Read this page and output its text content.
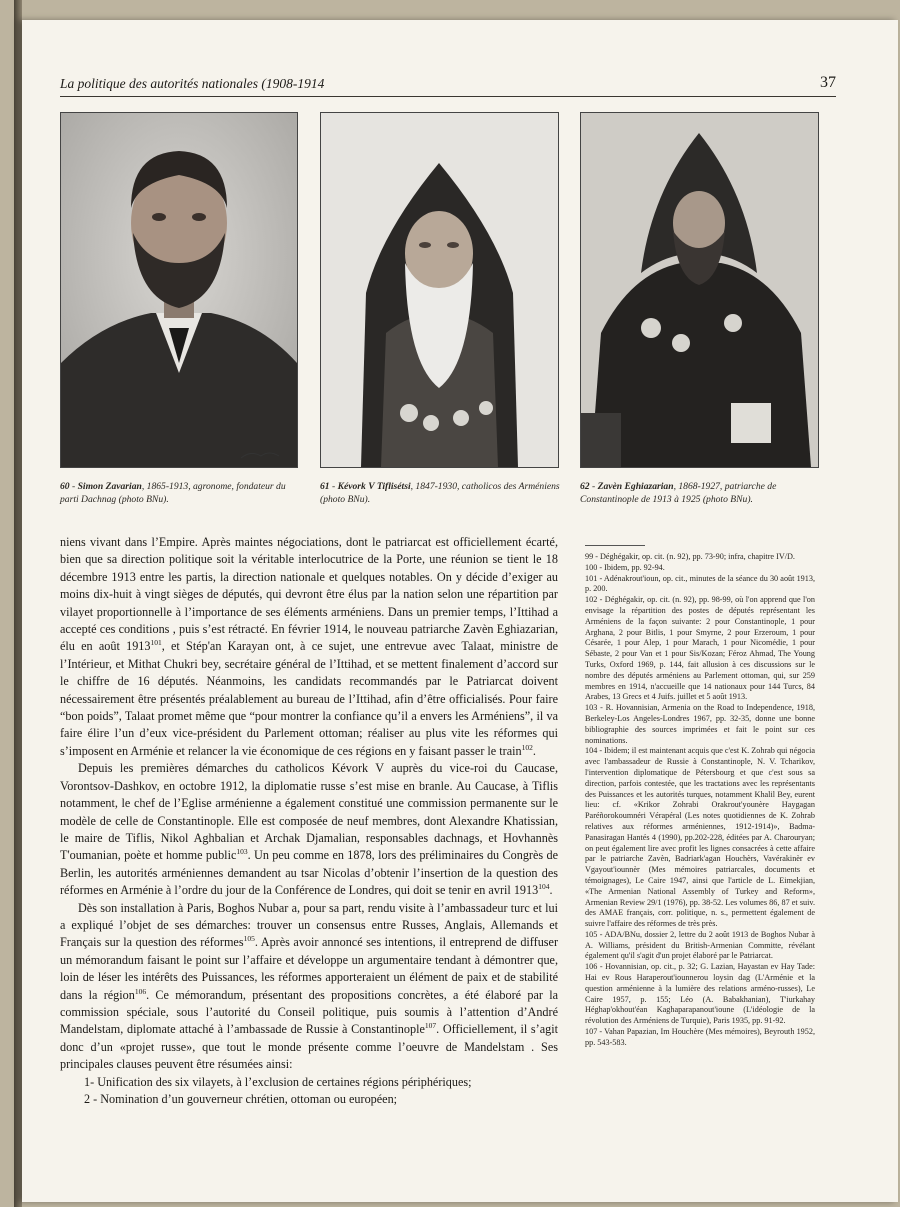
La politique des autorités nationales (1908-1914	37
60 - Simon Zavarian, 1865-1913, agronome, fondateur du parti Dachnag (photo BNu).
61 - Kévork V Tiflisétsi, 1847-1930, catholicos des Arméniens (photo BNu).
62 - Zavèn Eghiazarian, 1868-1927, patriarche de Constantinople de 1913 à 1925 (photo BNu).

niens vivant dans l’Empire. Après maintes négociations, dont le patriarcat est officiellement écarté, bien que sa direction politique soit la véritable interlocutrice de la Porte, une réunion se tient le 18 décembre 1913 entre les partis, la direction nationale et quelques notables. On y décide d’exiger au moins dix-huit à vingt sièges de députés, qui devront être élus par la nation selon une répartition par vilayet proportionnelle à l’importance de ses éléments arméniens. Dans un premier temps, l’Ittihad a accepté ces conditions , puis s’est rétracté. En février 1914, le nouveau patriarche Zavèn Eghiazarian, élu en août 1913$^{101}$, et Stép'an Karayan ont, à ce sujet, une entrevue avec Talaat, ministre de l’Intérieur, et Mithat Chukri bey, secrétaire général de l’Ittihad, et se mettent finalement d’accord sur le chiffre de 16 députés. Néanmoins, les candidats recommandés par le Patriarcat doivent nécessairement être présentés préalablement au bureau de l’Ittihad, afin d’être officialisés. Pour faire “bon poids”, Talaat promet même que “pour montrer la confiance qu’il a envers les Arméniens”, il va faire élire l’un d’eux vice-président du Parlement ottoman; réaliser au plus vite les réformes qui s’imposent en Arménie et relancer la vie économique de ces régions en y faisant passer le train$^{102}$.

Depuis les premières démarches du catholicos Kévork V auprès du vice-roi du Caucase, Vorontsov-Dashkov, en octobre 1912, la diplomatie russe s’est mise en branle. Au Caucase, à Tiflis notamment, le chef de l’Eglise arménienne a également constitué une commission permanente sur le modèle de celle de Constantinople. Elle est composée de neuf membres, dont Alexandre Khatissian, le maire de Tiflis, Nikol Aghbalian et Archak Djamalian, responsables dachnags, et Hovhannès T'oumanian, poète et homme public$^{103}$. Un peu comme en 1878, lors des préliminaires du Congrès de Berlin, les autorités arméniennes demandent au tsar Nicolas d’obtenir l’insertion de la question des réformes en Arménie à l’ordre du jour de la Conférence de Londres, qui doit se tenir en avril 1913$^{104}$.

Dès son installation à Paris, Boghos Nubar a, pour sa part, rendu visite à l’ambassadeur turc et lui a expliqué l’objet de ses démarches: trouver un consensus entre Russes, Anglais, Allemands et Français sur la question des réformes$^{105}$. Après avoir annoncé ses intentions, il entreprend de diffuser un mémorandum faisant le point sur l’affaire et développe un argumentaire tendant à démontrer que, loin de léser les intérêts des Puissances, les réformes apporteraient un élément de paix et de stabilité dans la région$^{106}$. Ce mémorandum, présentant des propositions concrètes, a été élaboré par la commission spéciale, sous l’autorité du Conseil politique, puis soumis à l’attention d’André Mandelstam, diplomate attaché à l’ambassade de Russie à Constantinople$^{107}$. Officiellement, il s’agit donc d’un «projet russe», que tout le monde présente comme l’oeuvre de Mandelstam . Ses principales clauses peuvent être résumées ainsi:

1- Unification des six vilayets, à l’exclusion de certaines régions périphériques;

2 - Nomination d’un gouverneur chrétien, ottoman ou européen;

99 - Déghégakir, op. cit. (n. 92), pp. 73-90; infra, chapitre IV/D.

100 - Ibidem, pp. 92-94.

101 - Adénakrout'ioun, op. cit., minutes de la séance du 30 août 1913, p. 200.

102 - Déghégakir, op. cit. (n. 92), pp. 98-99, où l'on apprend que l'on envisage la répartition des postes de députés représentant les Arméniens de la façon suivante: 2 pour Constantinople, 1 pour Arghana, 2 pour Bitlis, 1 pour Smyrne, 2 pour Erzeroum, 1 pour Césarée, 1 pour Alep, 1 pour Marach, 1 pour Nicomédie, 1 pour Sébaste, 2 pour Van et 1 pour Sis/Kozan; Féroz Ahmad, The Young Turks, Oxford 1969, p. 144, fait allusion à ces discussions sur le nombre des députés arméniens au Parlement ottoman, qui, sur 259 membres en 1914, n'accueille que 14 nationaux pour 144 Turcs, 84 Arabes, 13 Grecs et 4 Juifs. juillet et 5 août 1913.

103 - R. Hovannisian, Armenia on the Road to Independence, 1918, Berkeley-Los Angeles-Londres 1967, pp. 32-35, donne une bonne bibliographie des sources imprimées et fait le point sur ces nominations.

104 - Ibidem; il est maintenant acquis que c'est K. Zohrab qui négocia avec l'ambassadeur de Russie à Constantinople, N. V. Tcharikov, l'intervention diplomatique de Pétersbourg et que c'est sous sa direction, parfois contestée, que les tractations avec les représentants des Puissances et les autorités turques, notamment Khalil Bey, eurent lieu: cf. «Krikor Zohrabi Orakrout'younère Haygagan Paréñorokoumnéri Vérapéral (Les notes quotidiennes de K. Zohrab relatives aux réformes arméniennes, 1912-1914)», Badma-Panasiragan Hantés 4 (1990), pp.202-228, éditées par A. Charouryan; on peut également lire avec profit les lignes consacrées à cette affaire par le patriarche Zavèn, Badriark'agan Houchèrs, Vavérakinèr ev Vgayout'iounnèr (Mes mémoires patriarcales, documents et témoignages), Le Caire 1947, ainsi que l'article de L. Eimekjian, «The Armenian National Assembly of Turkey and Reform», Armenian Review 29/1 (1976), pp. 38-52. Les volumes 86, 87 et suiv. des AMAE français, corr. politique, n. s., permettent également de suivre l'affaire des réformes de très près.

105 - ADA/BNu, dossier 2, lettre du 2 août 1913 de Boghos Nubar à A. Williams, président du British-Armenian Committe, révélant également qu'il s'agit d'un projet élaboré par le Patriarcat.

106 - Hovannisian, op. cit., p. 32; G. Lazian, Hayastan ev Hay Tade: Hai ev Rous Haraperout'iounnerou loysin dag (L'Arménie et la question arménienne à la lumière des relations arméno-russes), Le Caire 1957, p. 155; Léo (A. Babakhanian), T'iurkahay Héghap'okhout'éan Kaghaparapanout'ioune (L'idéologie de la révolution des Arméniens de Turquie), Paris 1935, pp. 91-92.

107 - Vahan Papazian, Im Houchère (Mes mémoires), Beyrouth 1952, pp. 543-583.
